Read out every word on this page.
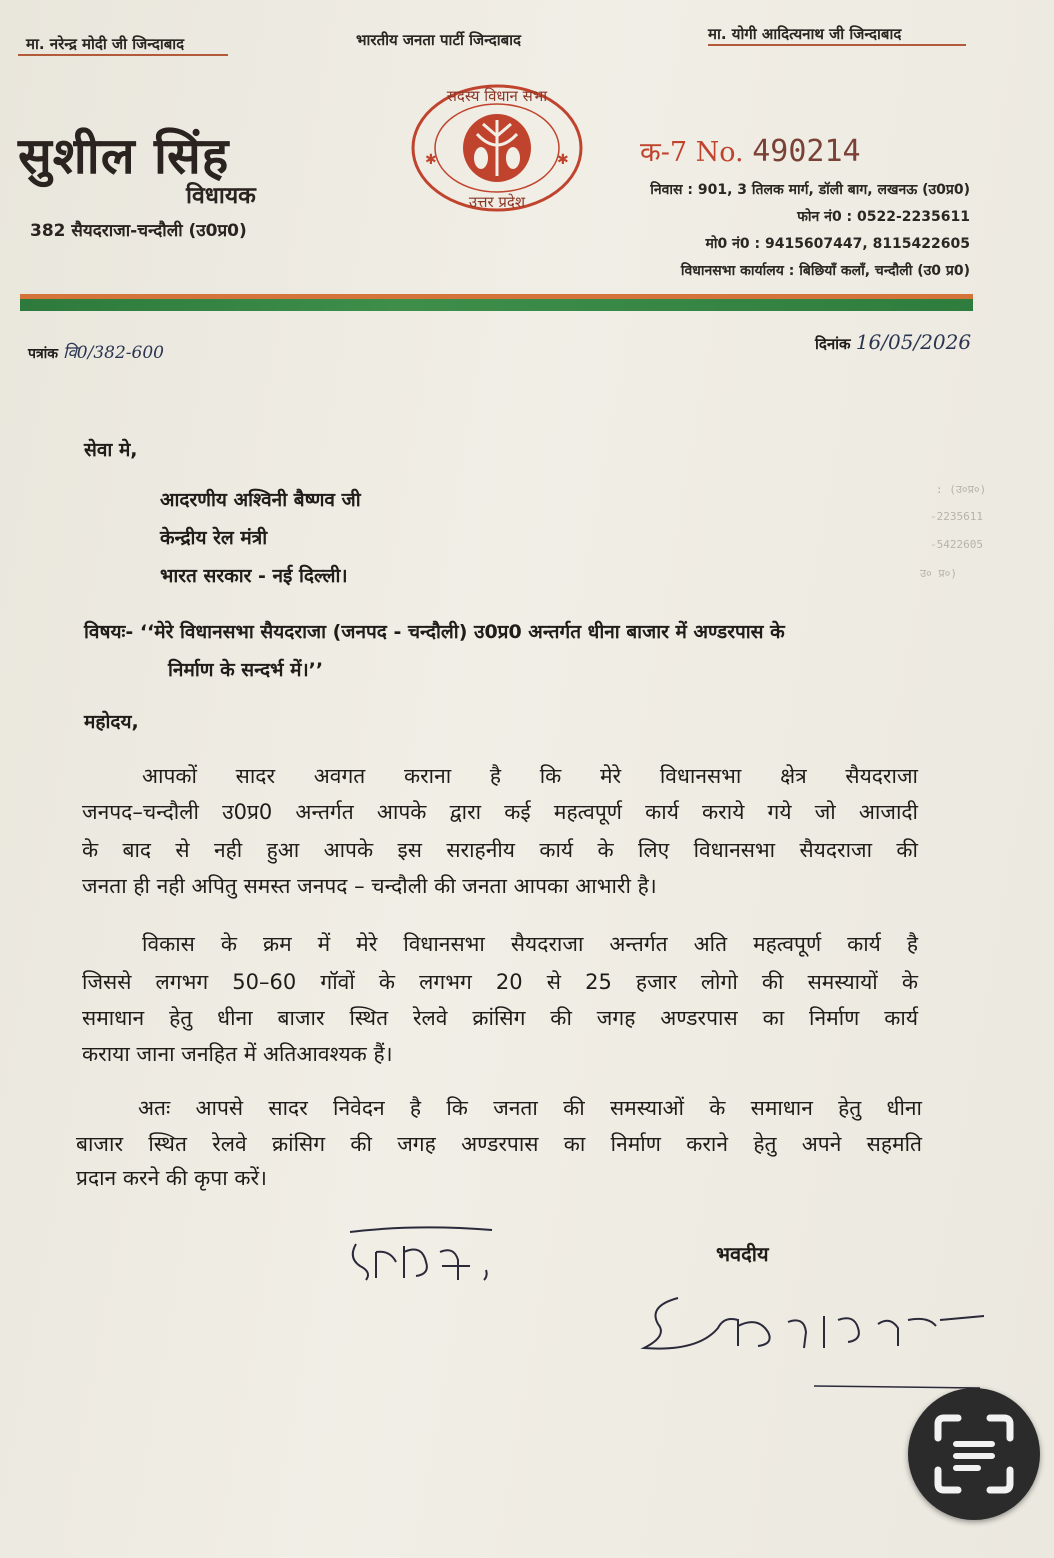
मा. नरेन्द्र मोदी जी जिन्दाबाद	भारतीय जनता पार्टी जिन्दाबाद	मा. योगी आदित्यनाथ जी जिन्दाबाद
सुशील सिंह
विधायक
382 सैयदराजा-चन्दौली (उ0प्र0)
✱	✱
सदस्य विधान सभा
उत्तर प्रदेश
क-7 No. 490214
निवास : 901, 3 तिलक मार्ग, डॉली बाग, लखनऊ (उ0प्र0)
फोन नं0 : 0522-2235611
मो0 नं0 : 9415607447, 8115422605
विधानसभा कार्यालय : बिछियाँ कलाँ, चन्दौली (उ0 प्र0)
पत्रांक वि0/382-600	दिनांक 16/05/2026
: (उ०प्र०)
-2235611
-5422605
उ० प्र०)
सेवा मे,
आदरणीय अश्विनी बैष्णव जी
केन्द्रीय रेल मंत्री
भारत सरकार - नई दिल्ली।
विषयः- ‘‘मेरे विधानसभा सैयदराजा (जनपद - चन्दौली) उ0प्र0 अन्तर्गत धीना बाजार में अण्डरपास के
निर्माण के सन्दर्भ में।’’
महोदय,
आपकों सादर अवगत कराना है कि मेरे विधानसभा क्षेत्र सैयदराजा
जनपद–चन्दौली उ0प्र0 अन्तर्गत आपके द्वारा कई महत्वपूर्ण कार्य कराये गये जो आजादी
के बाद से नही हुआ आपके इस सराहनीय कार्य के लिए विधानसभा सैयदराजा की
जनता ही नही अपितु समस्त जनपद – चन्दौली की जनता आपका आभारी है।
विकास के क्रम में मेरे विधानसभा सैयदराजा अन्तर्गत अति महत्वपूर्ण कार्य है
जिससे लगभग 50–60 गॉवों के लगभग 20 से 25 हजार लोगो की समस्यायों के
समाधान हेतु धीना बाजार स्थित रेलवे क्रांसिग की जगह अण्डरपास का निर्माण कार्य
कराया जाना जनहित में अतिआवश्यक हैं।
अतः आपसे सादर निवेदन है कि जनता की समस्याओं के समाधान हेतु धीना
बाजार स्थित रेलवे क्रांसिग की जगह अण्डरपास का निर्माण कराने हेतु अपने सहमति
प्रदान करने की कृपा करें।
भवदीय
